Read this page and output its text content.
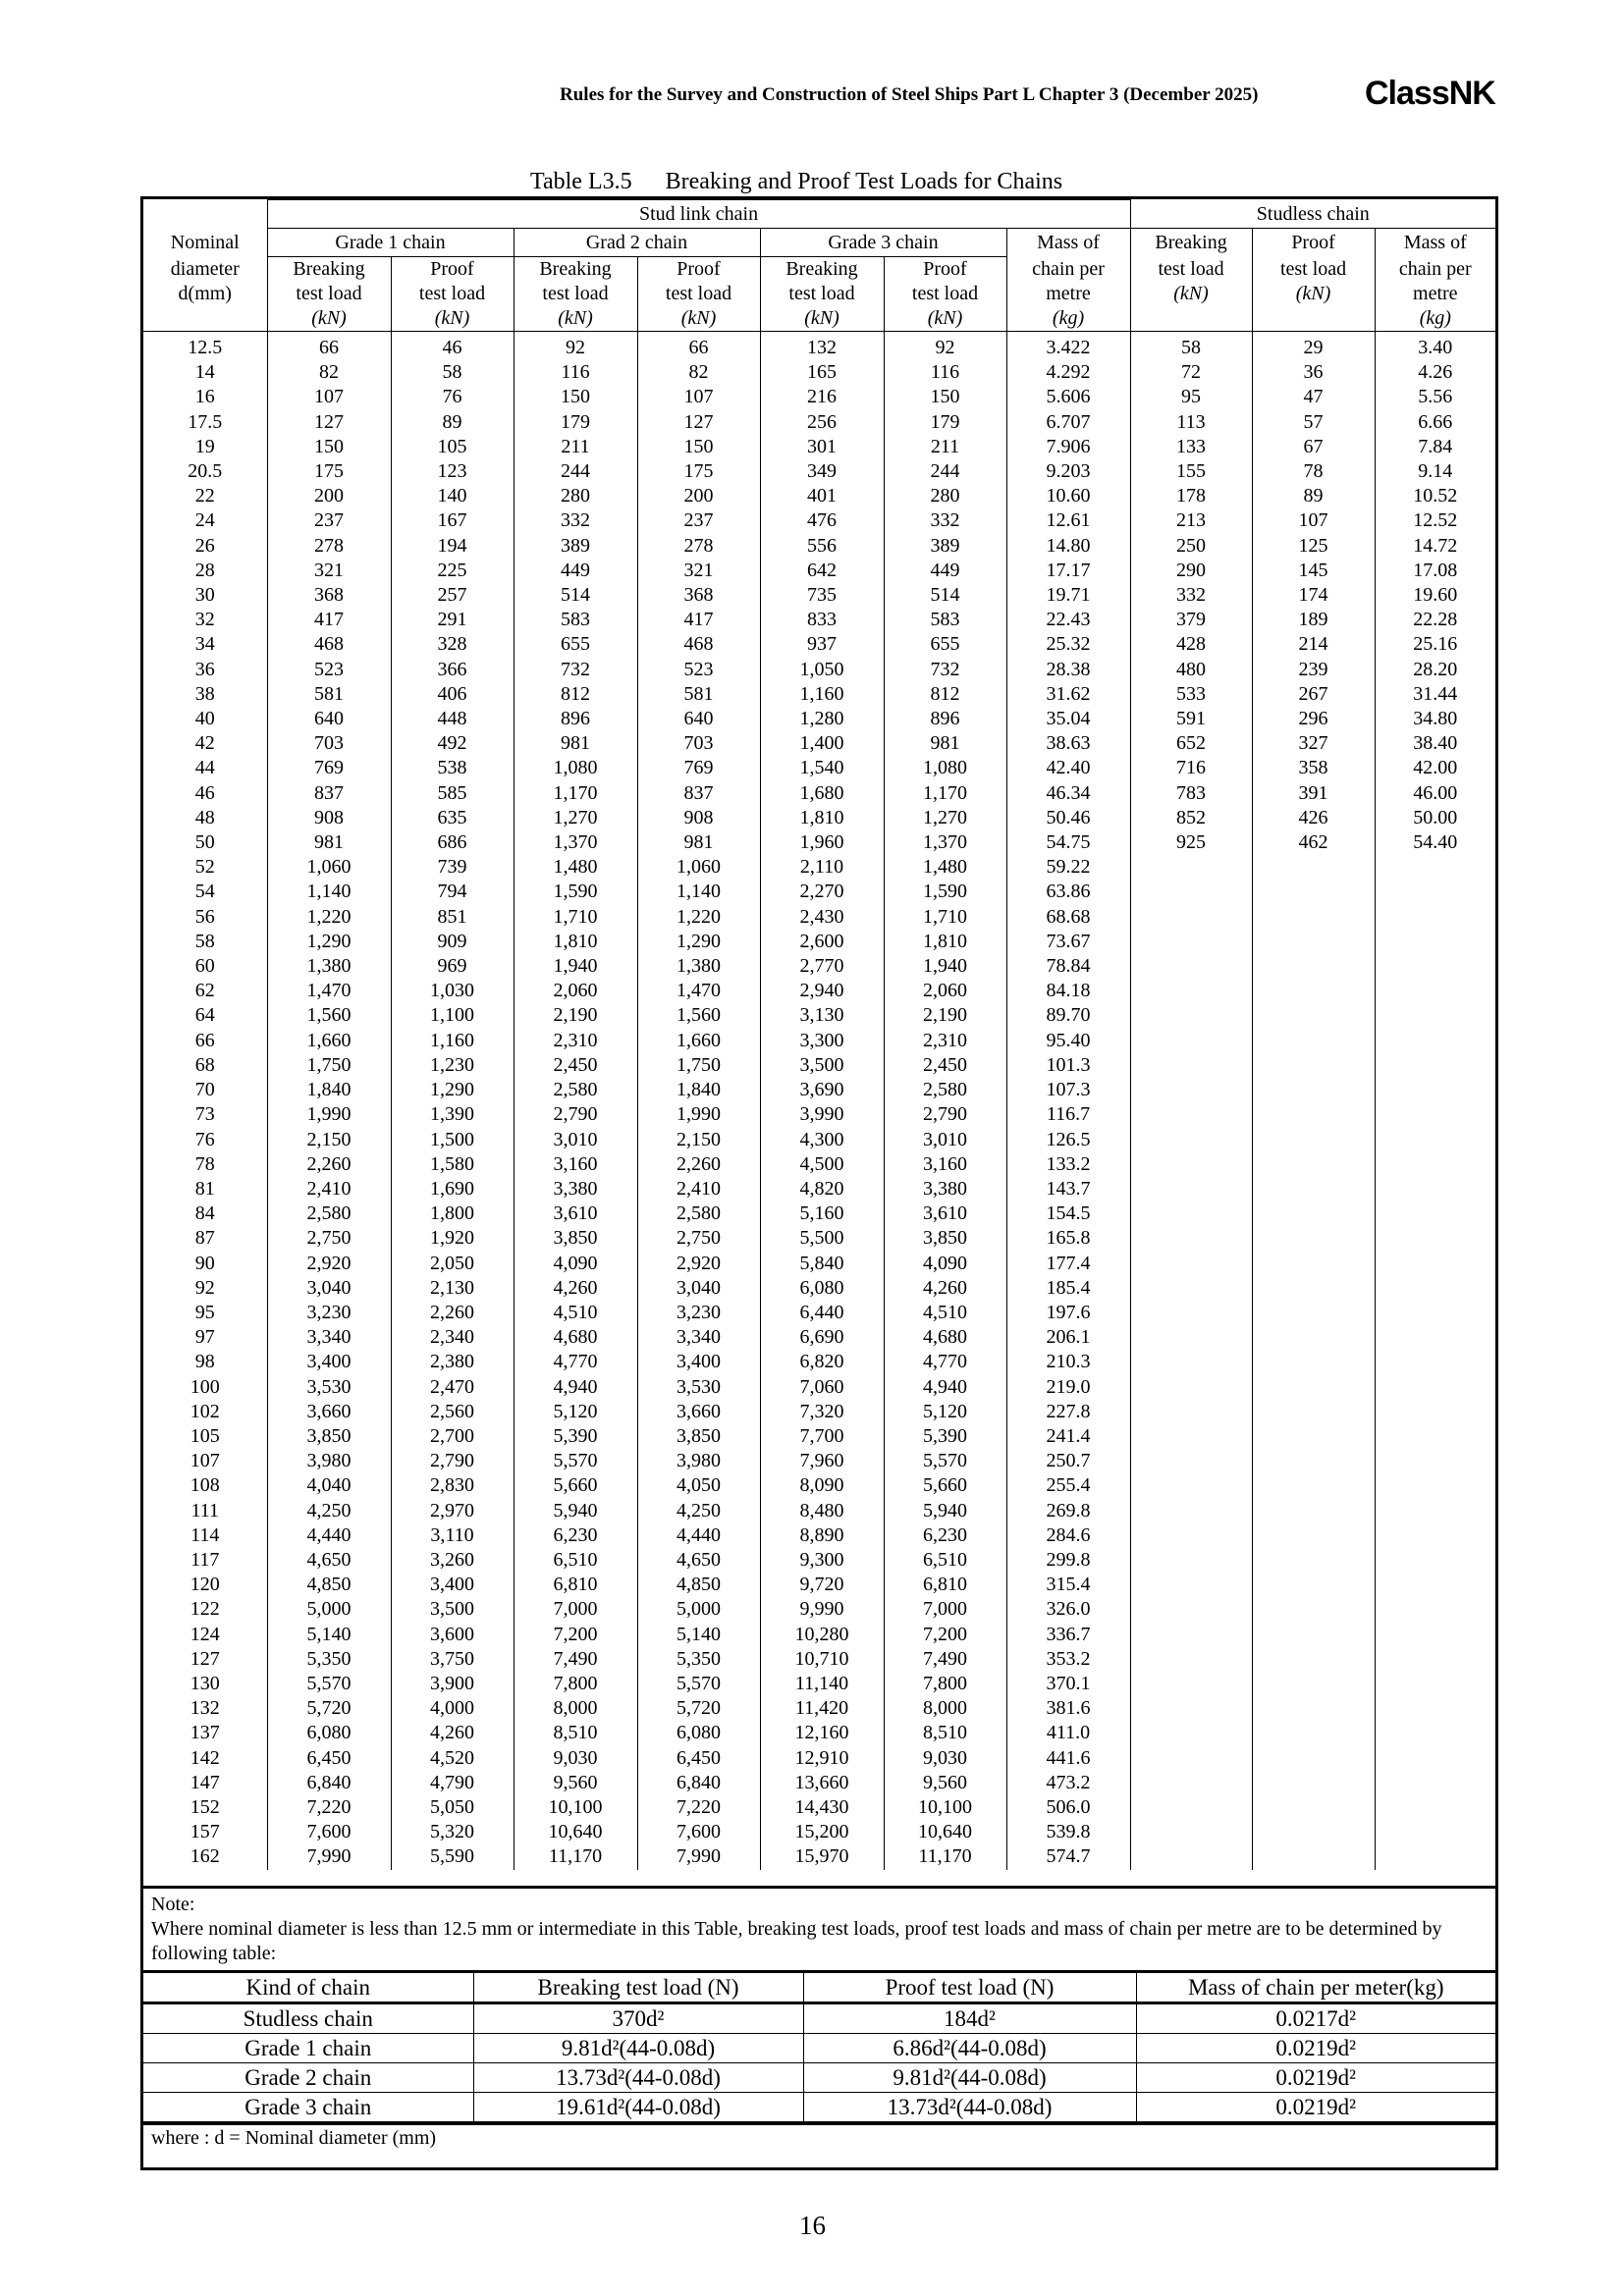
Rules for the Survey and Construction of Steel Ships Part L Chapter 3 (December 2025)	ClassNK
Table L3.5 Breaking and Proof Test Loads for Chains
	Stud link chain							Studless chain		
Nominal	Grade 1 chain		Grad 2 chain		Grade 3 chain		Mass of	Breaking	Proof	Mass of
diameter	Breaking	Proof	Breaking	Proof	Breaking	Proof	chain per	test load	test load	chain per
d(mm)	test load	test load	test load	test load	test load	test load	metre	(kN)	(kN)	metre
	(kN)	(kN)	(kN)	(kN)	(kN)	(kN)	(kg)			(kg)
12.5	66	46	92	66	132	92	3.422	58	29	3.40
14	82	58	116	82	165	116	4.292	72	36	4.26
16	107	76	150	107	216	150	5.606	95	47	5.56
17.5	127	89	179	127	256	179	6.707	113	57	6.66
19	150	105	211	150	301	211	7.906	133	67	7.84
20.5	175	123	244	175	349	244	9.203	155	78	9.14
22	200	140	280	200	401	280	10.60	178	89	10.52
24	237	167	332	237	476	332	12.61	213	107	12.52
26	278	194	389	278	556	389	14.80	250	125	14.72
28	321	225	449	321	642	449	17.17	290	145	17.08
30	368	257	514	368	735	514	19.71	332	174	19.60
32	417	291	583	417	833	583	22.43	379	189	22.28
34	468	328	655	468	937	655	25.32	428	214	25.16
36	523	366	732	523	1,050	732	28.38	480	239	28.20
38	581	406	812	581	1,160	812	31.62	533	267	31.44
40	640	448	896	640	1,280	896	35.04	591	296	34.80
42	703	492	981	703	1,400	981	38.63	652	327	38.40
44	769	538	1,080	769	1,540	1,080	42.40	716	358	42.00
46	837	585	1,170	837	1,680	1,170	46.34	783	391	46.00
48	908	635	1,270	908	1,810	1,270	50.46	852	426	50.00
50	981	686	1,370	981	1,960	1,370	54.75	925	462	54.40
52	1,060	739	1,480	1,060	2,110	1,480	59.22			
54	1,140	794	1,590	1,140	2,270	1,590	63.86			
56	1,220	851	1,710	1,220	2,430	1,710	68.68			
58	1,290	909	1,810	1,290	2,600	1,810	73.67			
60	1,380	969	1,940	1,380	2,770	1,940	78.84			
62	1,470	1,030	2,060	1,470	2,940	2,060	84.18			
64	1,560	1,100	2,190	1,560	3,130	2,190	89.70			
66	1,660	1,160	2,310	1,660	3,300	2,310	95.40			
68	1,750	1,230	2,450	1,750	3,500	2,450	101.3			
70	1,840	1,290	2,580	1,840	3,690	2,580	107.3			
73	1,990	1,390	2,790	1,990	3,990	2,790	116.7			
76	2,150	1,500	3,010	2,150	4,300	3,010	126.5			
78	2,260	1,580	3,160	2,260	4,500	3,160	133.2			
81	2,410	1,690	3,380	2,410	4,820	3,380	143.7			
84	2,580	1,800	3,610	2,580	5,160	3,610	154.5			
87	2,750	1,920	3,850	2,750	5,500	3,850	165.8			
90	2,920	2,050	4,090	2,920	5,840	4,090	177.4			
92	3,040	2,130	4,260	3,040	6,080	4,260	185.4			
95	3,230	2,260	4,510	3,230	6,440	4,510	197.6			
97	3,340	2,340	4,680	3,340	6,690	4,680	206.1			
98	3,400	2,380	4,770	3,400	6,820	4,770	210.3			
100	3,530	2,470	4,940	3,530	7,060	4,940	219.0			
102	3,660	2,560	5,120	3,660	7,320	5,120	227.8			
105	3,850	2,700	5,390	3,850	7,700	5,390	241.4			
107	3,980	2,790	5,570	3,980	7,960	5,570	250.7			
108	4,040	2,830	5,660	4,050	8,090	5,660	255.4			
111	4,250	2,970	5,940	4,250	8,480	5,940	269.8			
114	4,440	3,110	6,230	4,440	8,890	6,230	284.6			
117	4,650	3,260	6,510	4,650	9,300	6,510	299.8			
120	4,850	3,400	6,810	4,850	9,720	6,810	315.4			
122	5,000	3,500	7,000	5,000	9,990	7,000	326.0			
124	5,140	3,600	7,200	5,140	10,280	7,200	336.7			
127	5,350	3,750	7,490	5,350	10,710	7,490	353.2			
130	5,570	3,900	7,800	5,570	11,140	7,800	370.1			
132	5,720	4,000	8,000	5,720	11,420	8,000	381.6			
137	6,080	4,260	8,510	6,080	12,160	8,510	411.0			
142	6,450	4,520	9,030	6,450	12,910	9,030	441.6			
147	6,840	4,790	9,560	6,840	13,660	9,560	473.2			
152	7,220	5,050	10,100	7,220	14,430	10,100	506.0			
157	7,600	5,320	10,640	7,600	15,200	10,640	539.8			
162	7,990	5,590	11,170	7,990	15,970	11,170	574.7			
Note:
Where nominal diameter is less than 12.5 mm or intermediate in this Table, breaking test loads, proof test loads and mass of chain per metre are to be determined by following table:
Kind of chain	Breaking test load (N)	Proof test load (N)	Mass of chain per meter(kg)
Studless chain	370d²	184d²	0.0217d²
Grade 1 chain	9.81d²(44-0.08d)	6.86d²(44-0.08d)	0.0219d²
Grade 2 chain	13.73d²(44-0.08d)	9.81d²(44-0.08d)	0.0219d²
Grade 3 chain	19.61d²(44-0.08d)	13.73d²(44-0.08d)	0.0219d²
where : d = Nominal diameter (mm)
16
